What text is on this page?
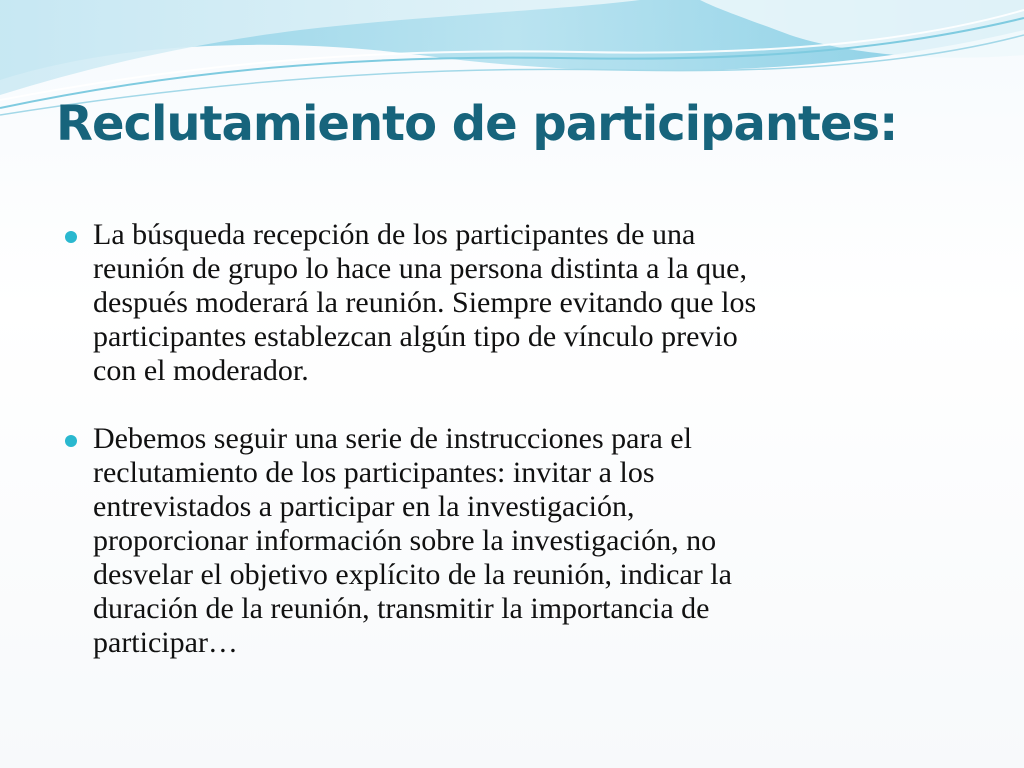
Reclutamiento de participantes:
La búsqueda recepción de los participantes de una
reunión de grupo lo hace una persona distinta a la que,
después moderará la reunión. Siempre evitando que los
participantes establezcan algún tipo de vínculo previo
con el moderador.
Debemos seguir una serie de instrucciones para el
reclutamiento de los participantes: invitar a los
entrevistados a participar en la investigación,
proporcionar información sobre la investigación, no
desvelar el objetivo explícito de la reunión, indicar la
duración de la reunión, transmitir la importancia de
participar…
